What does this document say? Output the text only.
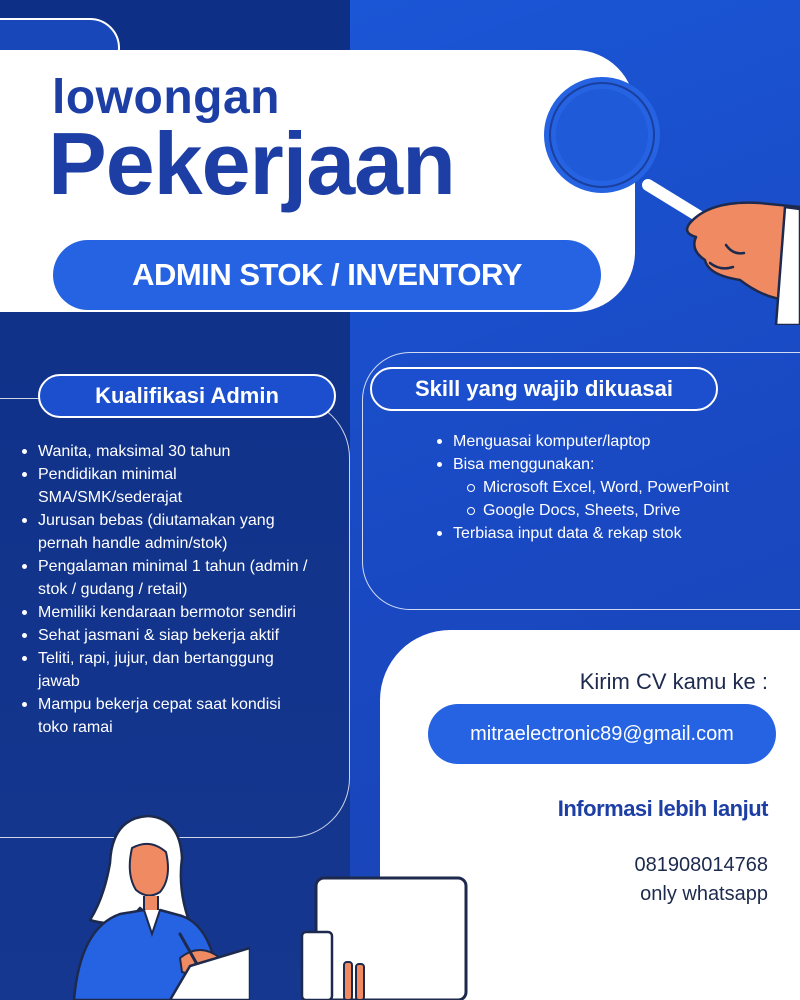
lowongan
Pekerjaan
ADMIN STOK / INVENTORY
Kualifikasi Admin
Wanita, maksimal 30 tahun
Pendidikan minimal SMA/SMK/sederajat
Jurusan bebas (diutamakan yang pernah handle admin/stok)
Pengalaman minimal 1 tahun (admin / stok / gudang / retail)
Memiliki kendaraan bermotor sendiri
Sehat jasmani & siap bekerja aktif
Teliti, rapi, jujur, dan bertanggung jawab
Mampu bekerja cepat saat kondisi toko ramai
Skill yang wajib dikuasai
Menguasai komputer/laptop
Bisa menggunakan:
Microsoft Excel, Word, PowerPoint
Google Docs, Sheets, Drive
Terbiasa input data & rekap stok
Kirim CV kamu ke :
mitraelectronic89@gmail.com
Informasi lebih lanjut
081908014768
only whatsapp
